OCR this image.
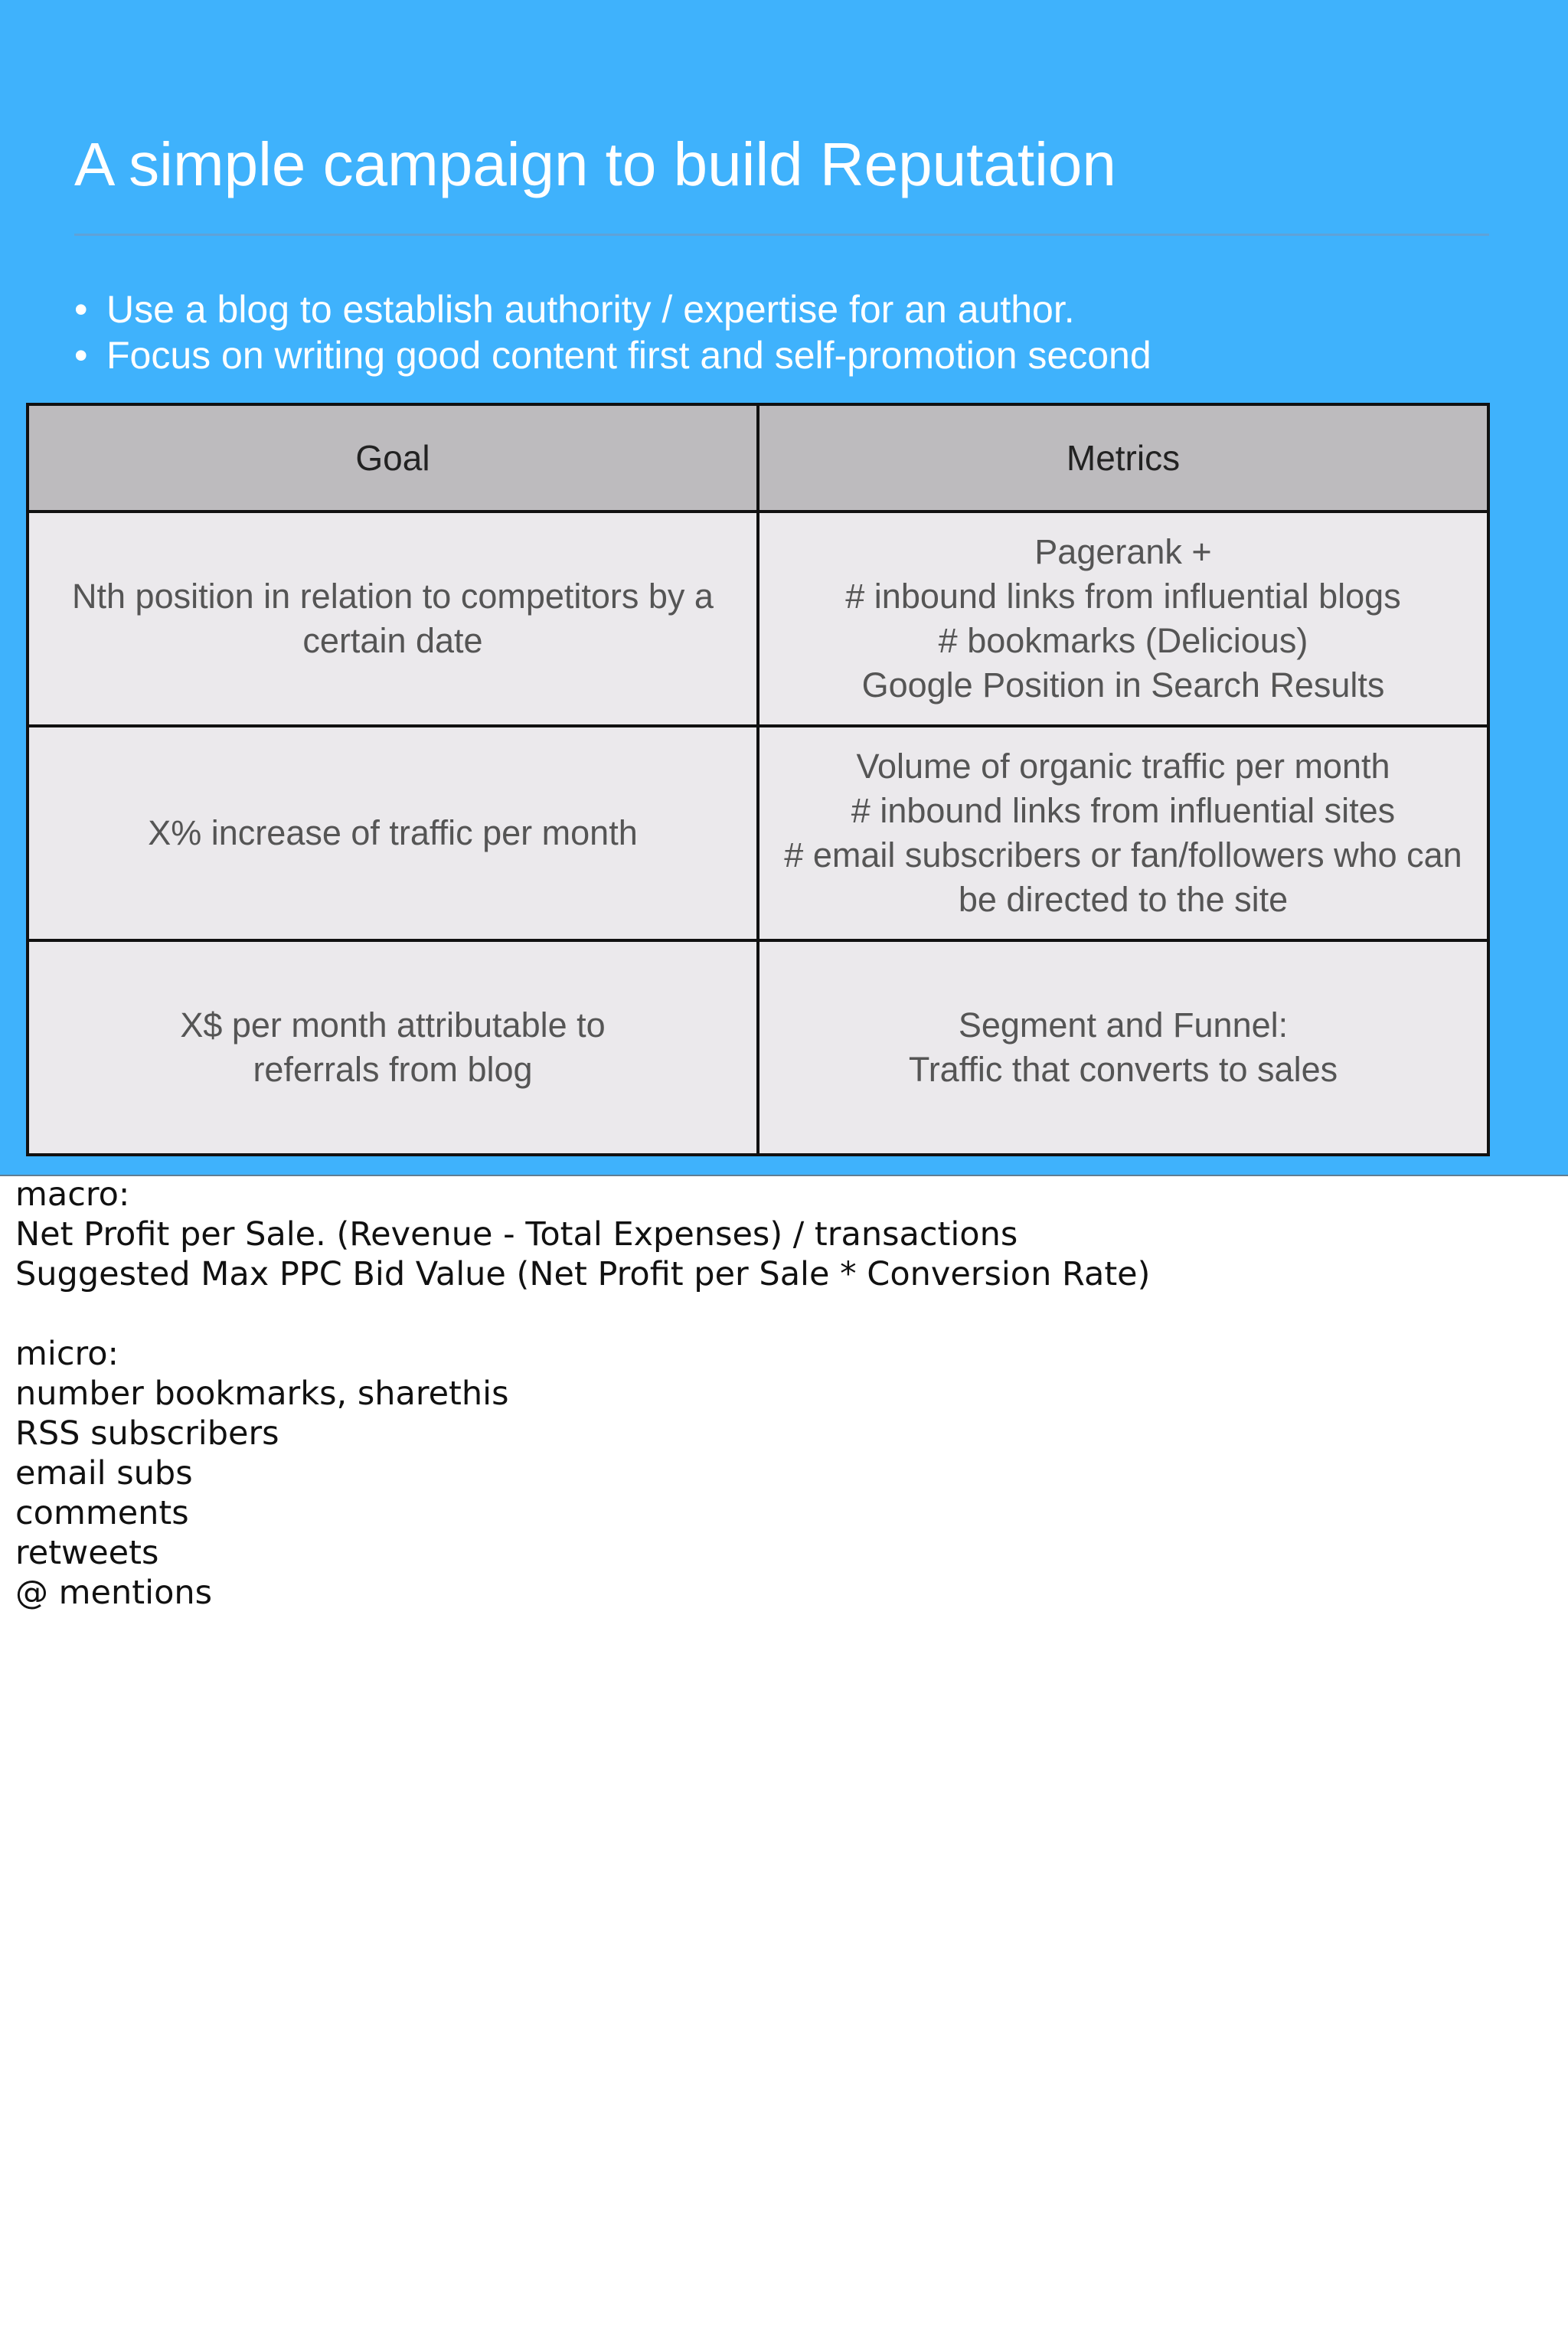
A simple campaign to build Reputation
• Use a blog to establish authority / expertise for an author.
• Focus on writing good content first and self-promotion second
Goal	Metrics

Nth position in relation to competitors by a
certain date	Pagerank +
# inbound links from influential blogs
# bookmarks (Delicious)
Google Position in Search Results

X% increase of traffic per month	Volume of organic traffic per month
# inbound links from influential sites
# email subscribers or fan/followers who can
be directed to the site

X$ per month attributable to
referrals from blog	Segment and Funnel:
Traffic that converts to sales
macro:
Net Profit per Sale. (Revenue - Total Expenses) / transactions
Suggested Max PPC Bid Value (Net Profit per Sale * Conversion Rate)
micro:
number bookmarks, sharethis
RSS subscribers
email subs
comments
retweets
@ mentions
